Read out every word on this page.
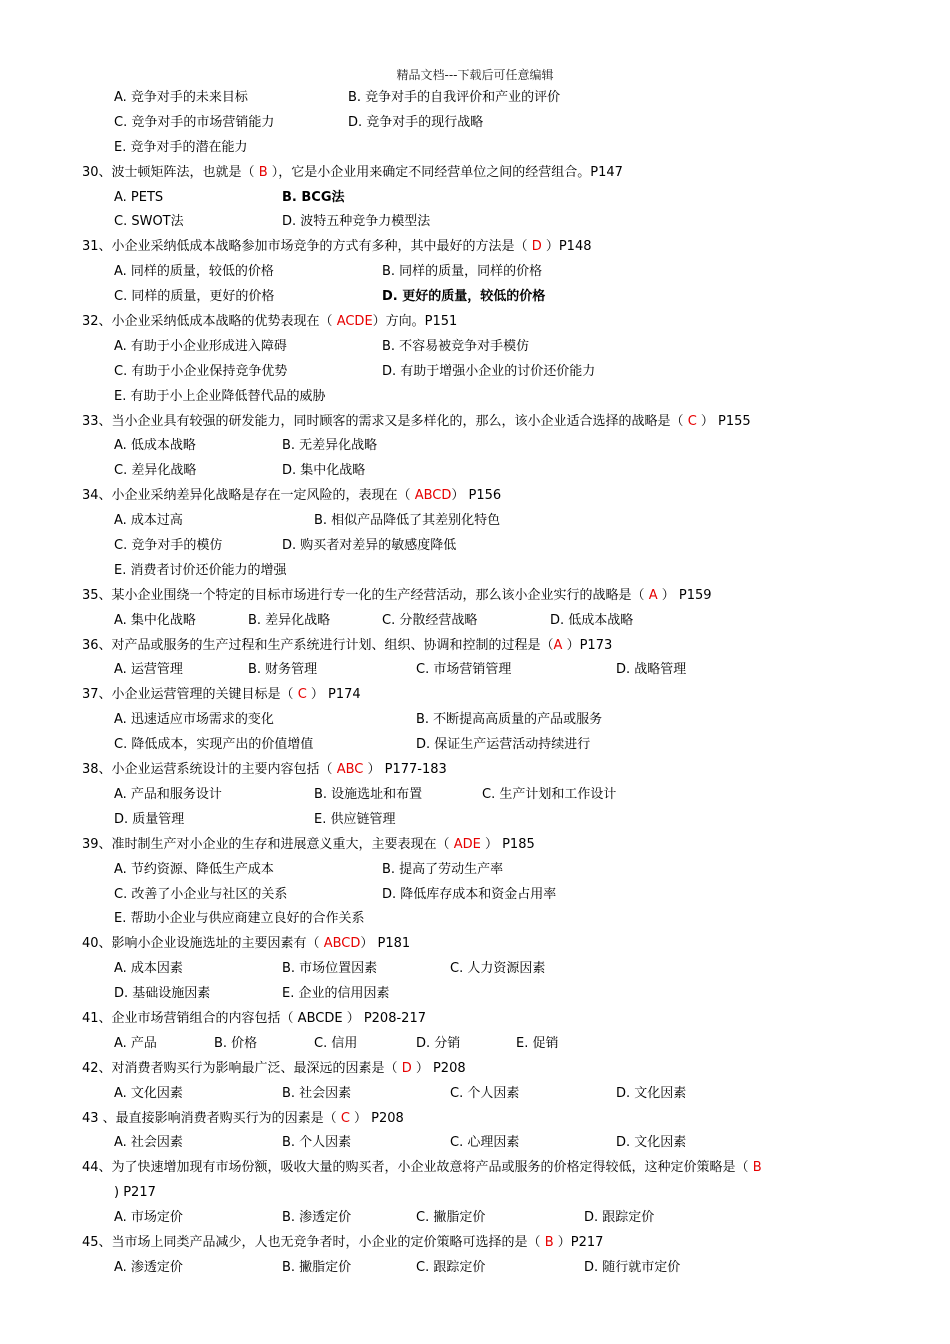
精品文档---下载后可任意编辑
A. 竞争对手的未来目标	B. 竞争对手的自我评价和产业的评价
C. 竞争对手的市场营销能力	D. 竞争对手的现行战略
E. 竞争对手的潜在能力
30、波士顿矩阵法，也就是（ B ），它是小企业用来确定不同经营单位之间的经营组合。P147
A. PETS	B. BCG法
C. SWOT法	D. 波特五种竞争力模型法
31、小企业采纳低成本战略参加市场竞争的方式有多种，其中最好的方法是（ D ）P148
A. 同样的质量，较低的价格	B. 同样的质量，同样的价格
C. 同样的质量，更好的价格	D. 更好的质量，较低的价格
32、小企业采纳低成本战略的优势表现在（ ACDE）方向。P151
A. 有助于小企业形成进入障碍	B. 不容易被竞争对手模仿
C. 有助于小企业保持竞争优势	D. 有助于增强小企业的讨价还价能力
E. 有助于小上企业降低替代品的威胁
33、当小企业具有较强的研发能力，同时顾客的需求又是多样化的，那么，该小企业适合选择的战略是（ C ） P155
A. 低成本战略	B. 无差异化战略
C. 差异化战略	D. 集中化战略
34、小企业采纳差异化战略是存在一定风险的，表现在（ ABCD） P156
A. 成本过高	B. 相似产品降低了其差别化特色
C. 竞争对手的模仿	D. 购买者对差异的敏感度降低
E. 消费者讨价还价能力的增强
35、某小企业围绕一个特定的目标市场进行专一化的生产经营活动，那么该小企业实行的战略是（ A ） P159
A. 集中化战略	B. 差异化战略	C. 分散经营战略	D. 低成本战略
36、对产品或服务的生产过程和生产系统进行计划、组织、协调和控制的过程是（A ）P173
A. 运营管理	B. 财务管理	C. 市场营销管理	D. 战略管理
37、小企业运营管理的关键目标是（ C ） P174
A. 迅速适应市场需求的变化	B. 不断提高高质量的产品或服务
C. 降低成本，实现产出的价值增值	D. 保证生产运营活动持续进行
38、小企业运营系统设计的主要内容包括（ ABC ） P177-183
A. 产品和服务设计	B. 设施选址和布置	C. 生产计划和工作设计
D. 质量管理	E. 供应链管理
39、准时制生产对小企业的生存和进展意义重大，主要表现在（ ADE ） P185
A. 节约资源、降低生产成本	B. 提高了劳动生产率
C. 改善了小企业与社区的关系	D. 降低库存成本和资金占用率
E. 帮助小企业与供应商建立良好的合作关系
40、影响小企业设施选址的主要因素有（ ABCD） P181
A. 成本因素	B. 市场位置因素	C. 人力资源因素
D. 基础设施因素	E. 企业的信用因素
41、企业市场营销组合的内容包括（ ABCDE ） P208-217
A. 产品	B. 价格	C. 信用	D. 分销	E. 促销
42、对消费者购买行为影响最广泛、最深远的因素是（ D ） P208
A. 文化因素	B. 社会因素	C. 个人因素	D. 文化因素
43 、最直接影响消费者购买行为的因素是（ C ） P208
A. 社会因素	B. 个人因素	C. 心理因素	D. 文化因素
44、为了快速增加现有市场份额，吸收大量的购买者，小企业故意将产品或服务的价格定得较低，这种定价策略是（ B
) P217
A. 市场定价	B. 渗透定价	C. 撇脂定价	D. 跟踪定价
45、当市场上同类产品减少，人也无竞争者时，小企业的定价策略可选择的是（ B ）P217
A. 渗透定价	B. 撇脂定价	C. 跟踪定价	D. 随行就市定价
